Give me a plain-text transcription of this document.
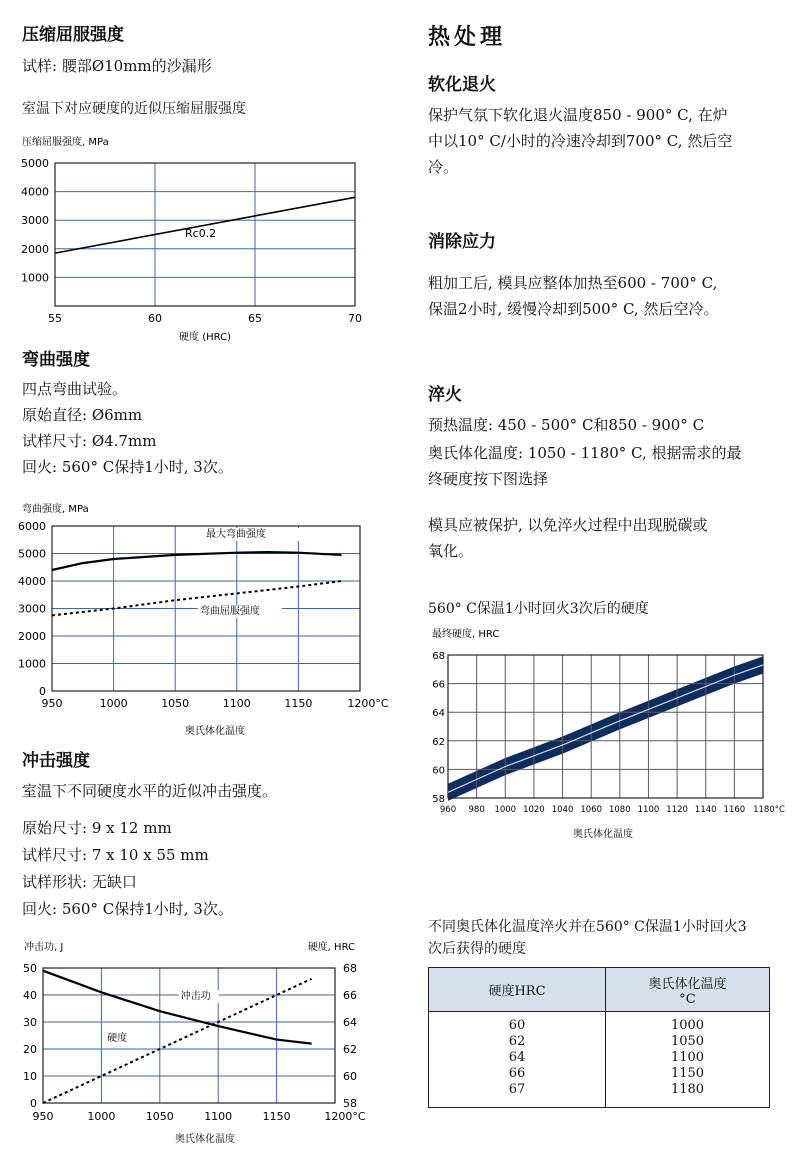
压缩屈服强度
试样: 腰部Ø10mm的沙漏形
室温下对应硬度的近似压缩屈服强度
55	60	65	70
1000
2000
3000
4000
5000
压缩屈服强度, MPa
硬度 (HRC)
Rc0.2
弯曲强度
四点弯曲试验。
原始直径: Ø6mm
试样尺寸: Ø4.7mm
回火: 560° C保持1小时, 3次。
950	1000	1050	1100	1150	1200°C
0
1000
2000
3000
4000
5000
6000
弯曲强度, MPa
奥氏体化温度
最大弯曲强度
弯曲屈服强度
冲击强度
室温下不同硬度水平的近似冲击强度。
原始尺寸: 9 x 12 mm
试样尺寸: 7 x 10 x 55 mm
试样形状: 无缺口
回火: 560° C保持1小时, 3次。
950	1000	1050	1100	1150	1200°C
0
10
20
30
40
50
58
60
62
64
66
68
冲击功, J	硬度, HRC
奥氏体化温度
冲击功
硬度
热处理
软化退火
保护气氛下软化退火温度850 - 900° C, 在炉
中以10° C/小时的冷速冷却到700° C, 然后空
冷。
消除应力
粗加工后, 模具应整体加热至600 - 700° C,
保温2小时, 缓慢冷却到500° C, 然后空冷。
淬火
预热温度: 450 - 500° C和850 - 900° C
奥氏体化温度: 1050 - 1180° C, 根据需求的最
终硬度按下图选择
模具应被保护, 以免淬火过程中出现脱碳或
氧化。
560° C保温1小时回火3次后的硬度
960 980 1000 1020 1040 1060 1080 1100 1120 1140 1160 1180°C
58
60
62
64
66
68
最终硬度, HRC
奥氏体化温度
不同奥氏体化温度淬火并在560° C保温1小时回火3
次后获得的硬度
硬度HRC	奥氏体化温度
°C

60	1000
62	1050
64	1100
66	1150
67	1180
